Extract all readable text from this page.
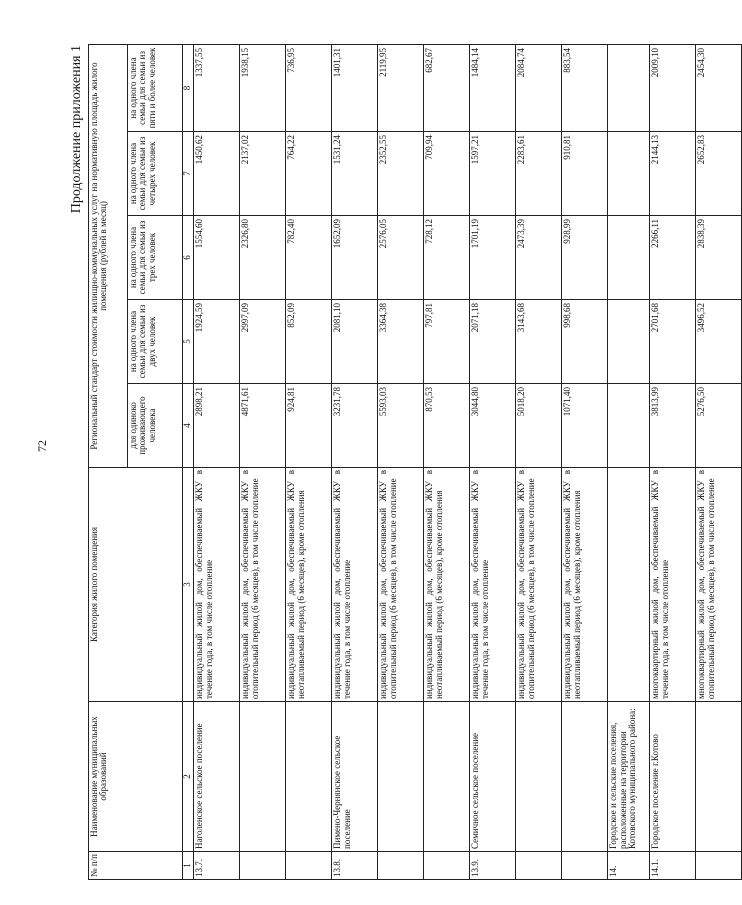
72
Продолжение приложения 1
№ п/п	Наименование муниципальных образований	Категория жилого помещения	Региональный стандарт стоимости жилищно-коммунальных услуг на нормативную площадь жилого помещения (рублей в месяц)				
			для одиноко проживающего человека	на одного члена семьи для семьи из двух человек	на одного члена семьи для семьи из трех человек	на одного члена семьи для семьи из четырех человек	на одного члена семьи для семьи из пяти и более человек
1	2	3	4	5	6	7	8
13.7.	Наголенское сельское поселение	индивидуальный жилой дом, обеспечиваемый ЖКУ в течение года, в том числе отопление	2898,21	1924,59	1554,60	1450,62	1337,55
		индивидуальный жилой дом, обеспечиваемый ЖКУ в отопительный период (6 месяцев), в том числе отопление	4871,61	2997,09	2326,80	2137,02	1938,15
		индивидуальный жилой дом, обеспечиваемый ЖКУ в неотапливаемый период (6 месяцев), кроме отопления	924,81	852,09	782,40	764,22	736,95
13.8.	Пимено-Чернянское сельское поселение	индивидуальный жилой дом, обеспечиваемый ЖКУ в течение года, в том числе отопление	3231,78	2081,10	1652,09	1531,24	1401,31
		индивидуальный жилой дом, обеспечиваемый ЖКУ в отопительный период (6 месяцев), в том числе отопление	5593,03	3364,38	2576,05	2352,55	2119,95
		индивидуальный жилой дом, обеспечиваемый ЖКУ в неотапливаемый период (6 месяцев), кроме отопления	870,53	797,81	728,12	709,94	682,67
13.9.	Семичное сельское поселение	индивидуальный жилой дом, обеспечиваемый ЖКУ в течение года, в том числе отопление	3044,80	2071,18	1701,19	1597,21	1484,14
		индивидуальный жилой дом, обеспечиваемый ЖКУ в отопительный период (6 месяцев), в том числе отопление	5018,20	3143,68	2473,39	2283,61	2084,74
		индивидуальный жилой дом, обеспечиваемый ЖКУ в неотапливаемый период (6 месяцев), кроме отопления	1071,40	998,68	928,99	910,81	883,54
14.	Городское и сельские поселения, расположенные на территории Котовского муниципального района:						
14.1.	Городское поселение г.Котово	многоквартирный жилой дом, обеспечиваемый ЖКУ в течение года, в том числе отопление	3813,99	2701,68	2266,11	2144,13	2009,10
		многоквартирный жилой дом, обеспечиваемый ЖКУ в отопительный период (6 месяцев), в том числе отопление	5276,50	3496,52	2838,39	2652,83	2454,30
